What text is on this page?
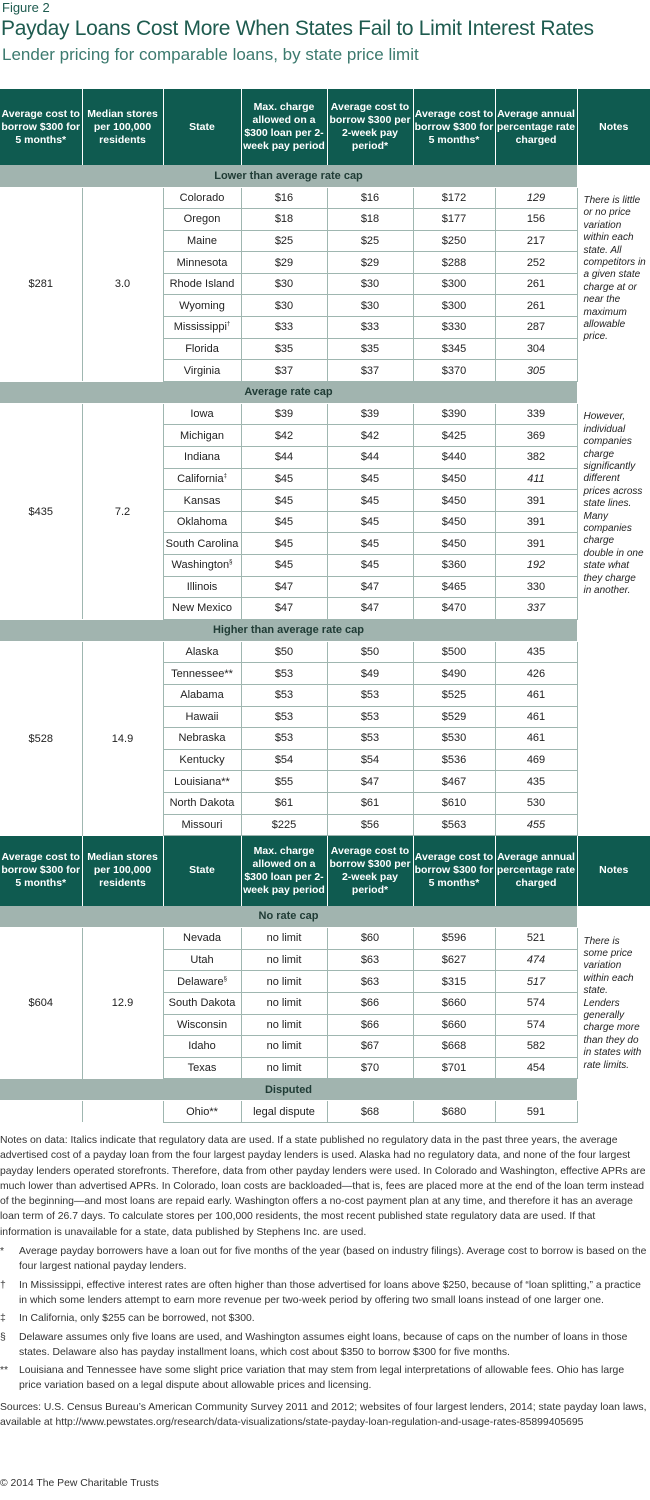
Figure 2
Payday Loans Cost More When States Fail to Limit Interest Rates
Lender pricing for comparable loans, by state price limit
Average cost to borrow $300 for 5 months*	Median stores per 100,000 residents	State	Max. charge allowed on a $300 loan per 2-week pay period	Average cost to borrow $300 per 2-week pay period*	Average cost to borrow $300 for 5 months*	Average annual percentage rate charged	Notes
Lower than average rate cap							
$281	3.0	Colorado	$16	$16	$172	129	There is little or no price variation within each state. All competitors in a given state charge at or near the maximum allowable price.

		Oregon	$18	$18	$177	156	
		Maine	$25	$25	$250	217	
		Minnesota	$29	$29	$288	252	
		Rhode Island	$30	$30	$300	261	
		Wyoming	$30	$30	$300	261	
		Mississippi†	$33	$33	$330	287	
		Florida	$35	$35	$345	304	
		Virginia	$37	$37	$370	305	
Average rate cap							
$435	7.2	Iowa	$39	$39	$390	339	However, individual companies charge significantly different prices across state lines. Many companies charge double in one state what they charge in another.

		Michigan	$42	$42	$425	369	
		Indiana	$44	$44	$440	382	
		California‡	$45	$45	$450	411	
		Kansas	$45	$45	$450	391	
		Oklahoma	$45	$45	$450	391	
		South Carolina	$45	$45	$450	391	
		Washington§	$45	$45	$360	192	
		Illinois	$47	$47	$465	330	
		New Mexico	$47	$47	$470	337	
Higher than average rate cap							
$528	14.9	Alaska	$50	$50	$500	435	
		Tennessee**	$53	$49	$490	426	
		Alabama	$53	$53	$525	461	
		Hawaii	$53	$53	$529	461	
		Nebraska	$53	$53	$530	461	
		Kentucky	$54	$54	$536	469	
		Louisiana**	$55	$47	$467	435	
		North Dakota	$61	$61	$610	530	
		Missouri	$225	$56	$563	455	
Average cost to borrow $300 for 5 months*	Median stores per 100,000 residents	State	Max. charge allowed on a $300 loan per 2-week pay period	Average cost to borrow $300 per 2-week pay period*	Average cost to borrow $300 for 5 months*	Average annual percentage rate charged	Notes
No rate cap							
$604	12.9	Nevada	no limit	$60	$596	521	There is some price variation within each state. Lenders generally charge more than they do in states with rate limits.

		Utah	no limit	$63	$627	474	
		Delaware§	no limit	$63	$315	517	
		South Dakota	no limit	$66	$660	574	
		Wisconsin	no limit	$66	$660	574	
		Idaho	no limit	$67	$668	582	
		Texas	no limit	$70	$701	454	
Disputed							
		Ohio**	legal dispute	$68	$680	591	

Notes on data: Italics indicate that regulatory data are used. If a state published no regulatory data in the past three years, the average advertised cost of a payday loan from the four largest payday lenders is used. Alaska had no regulatory data, and none of the four largest payday lenders operated storefronts. Therefore, data from other payday lenders were used. In Colorado and Washington, effective APRs are much lower than advertised APRs. In Colorado, loan costs are backloaded—that is, fees are placed more at the end of the loan term instead of the beginning—and most loans are repaid early. Washington offers a no-cost payment plan at any time, and therefore it has an average loan term of 26.7 days. To calculate stores per 100,000 residents, the most recent published state regulatory data are used. If that information is unavailable for a state, data published by Stephens Inc. are used.

*	Average payday borrowers have a loan out for five months of the year (based on industry filings). Average cost to borrow is based on the four largest national payday lenders.
†	In Mississippi, effective interest rates are often higher than those advertised for loans above $250, because of “loan splitting,” a practice in which some lenders attempt to earn more revenue per two-week period by offering two small loans instead of one larger one.
‡	In California, only $255 can be borrowed, not $300.
§	Delaware assumes only five loans are used, and Washington assumes eight loans, because of caps on the number of loans in those states. Delaware also has payday installment loans, which cost about $350 to borrow $300 for five months.
**	Louisiana and Tennessee have some slight price variation that may stem from legal interpretations of allowable fees. Ohio has large price variation based on a legal dispute about allowable prices and licensing.

Sources: U.S. Census Bureau’s American Community Survey 2011 and 2012; websites of four largest lenders, 2014; state payday loan laws, available at http://www.pewstates.org/research/data-visualizations/state-payday-loan-regulation-and-usage-rates-85899405695

© 2014 The Pew Charitable Trusts
